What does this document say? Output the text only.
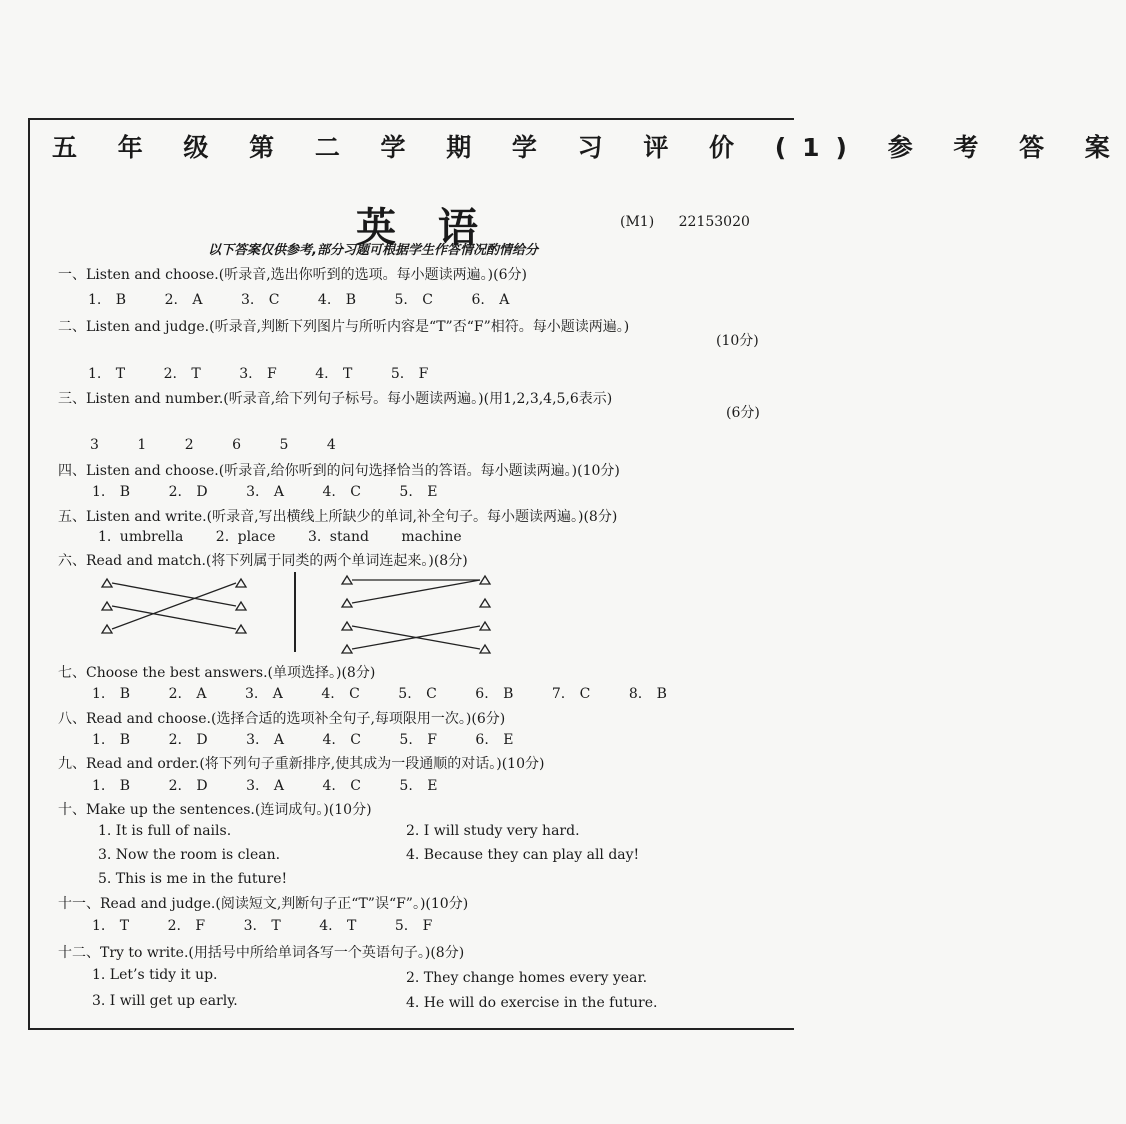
五 年 级 第 二 学 期 学 习 评 价 (1) 参 考 答 案
英 语	(M1) 22153020
以下答案仅供参考,部分习题可根据学生作答情况酌情给分
一、Listen and choose.(听录音,选出你听到的选项。每小题读两遍。)(6分)
1. B	2. A	3. C	4. B	5. C	6. A
二、Listen and judge.(听录音,判断下列图片与所听内容是“T”否“F”相符。每小题读两遍。)
(10分)
1. T	2. T	3. F	4. T	5. F
三、Listen and number.(听录音,给下列句子标号。每小题读两遍。)(用1,2,3,4,5,6表示)
(6分)
3	1	2	6	5	4
四、Listen and choose.(听录音,给你听到的问句选择恰当的答语。每小题读两遍。)(10分)
1. B	2. D	3. A	4. C	5. E
五、Listen and write.(听录音,写出横线上所缺少的单词,补全句子。每小题读两遍。)(8分)
1. umbrella 2. place 3. stand machine
六、Read and match.(将下列属于同类的两个单词连起来。)(8分)
七、Choose the best answers.(单项选择。)(8分)
1. B	2. A	3. A	4. C	5. C	6. B	7. C	8. B
八、Read and choose.(选择合适的选项补全句子,每项限用一次。)(6分)
1. B	2. D	3. A	4. C	5. F	6. E
九、Read and order.(将下列句子重新排序,使其成为一段通顺的对话。)(10分)
1. B	2. D	3. A	4. C	5. E
十、Make up the sentences.(连词成句。)(10分)
1. It is full of nails.	2. I will study very hard.
3. Now the room is clean.	4. Because they can play all day!
5. This is me in the future!
十一、Read and judge.(阅读短文,判断句子正“T”误“F”。)(10分)
1. T	2. F	3. T	4. T	5. F
十二、Try to write.(用括号中所给单词各写一个英语句子。)(8分)
1. Let’s tidy it up.	2. They change homes every year.
3. I will get up early.	4. He will do exercise in the future.
